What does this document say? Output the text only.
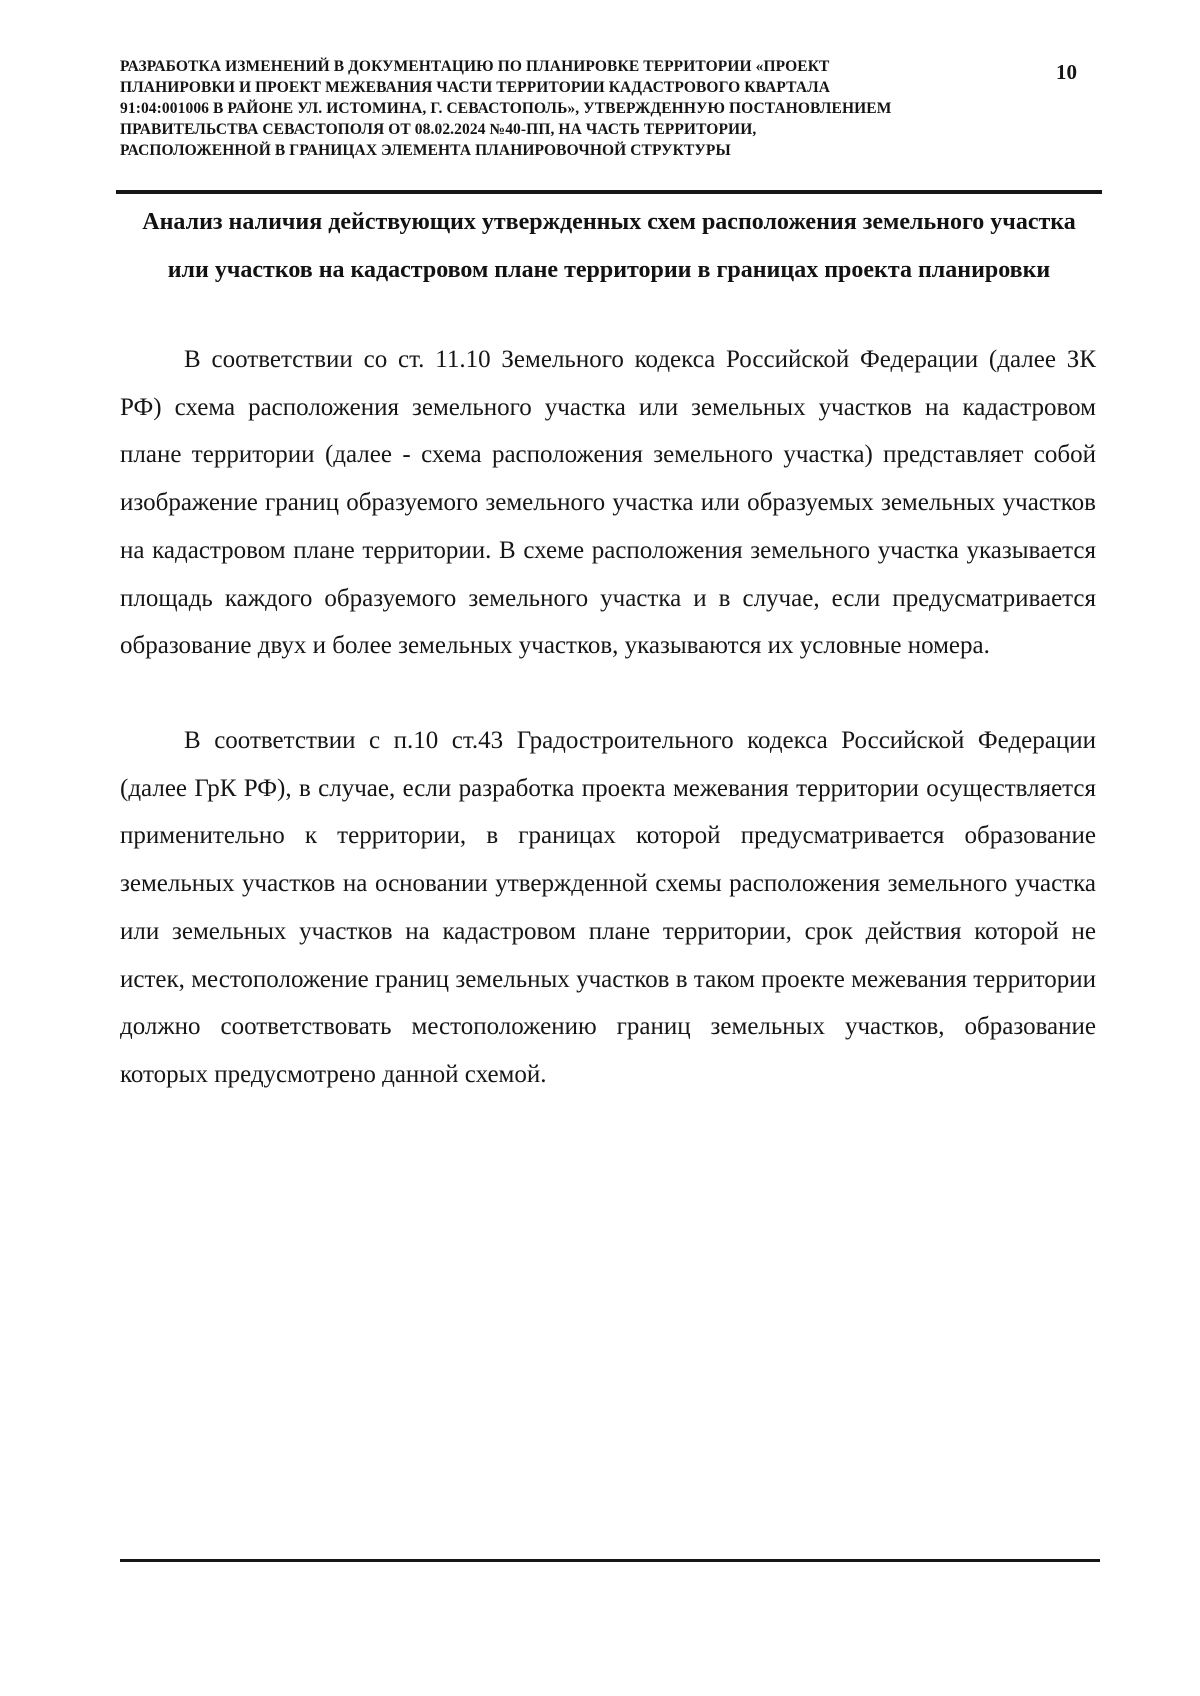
РАЗРАБОТКА ИЗМЕНЕНИЙ В ДОКУМЕНТАЦИЮ ПО ПЛАНИРОВКЕ ТЕРРИТОРИИ «ПРОЕКТ
ПЛАНИРОВКИ И ПРОЕКТ МЕЖЕВАНИЯ ЧАСТИ ТЕРРИТОРИИ КАДАСТРОВОГО КВАРТАЛА
91:04:001006 В РАЙОНЕ УЛ. ИСТОМИНА, Г. СЕВАСТОПОЛЬ», УТВЕРЖДЕННУЮ ПОСТАНОВЛЕНИЕМ
ПРАВИТЕЛЬСТВА СЕВАСТОПОЛЯ ОТ 08.02.2024 №40-ПП, НА ЧАСТЬ ТЕРРИТОРИИ,
РАСПОЛОЖЕННОЙ В ГРАНИЦАХ ЭЛЕМЕНТА ПЛАНИРОВОЧНОЙ СТРУКТУРЫ
10
Анализ наличия действующих утвержденных схем расположения земельного участка или участков на кадастровом плане территории в границах проекта планировки

В соответствии со ст. 11.10 Земельного кодекса Российской Федерации (далее ЗК РФ) схема расположения земельного участка или земельных участков на кадастровом плане территории (далее - схема расположения земельного участка) представляет собой изображение границ образуемого земельного участка или образуемых земельных участков на кадастровом плане территории. В схеме расположения земельного участка указывается площадь каждого образуемого земельного участка и в случае, если предусматривается образование двух и более земельных участков, указываются их условные номера.

В соответствии с п.10 ст.43 Градостроительного кодекса Российской Федерации (далее ГрК РФ), в случае, если разработка проекта межевания территории осуществляется применительно к территории, в границах которой предусматривается образование земельных участков на основании утвержденной схемы расположения земельного участка или земельных участков на кадастровом плане территории, срок действия которой не истек, местоположение границ земельных участков в таком проекте межевания территории должно соответствовать местоположению границ земельных участков, образование которых предусмотрено данной схемой.
